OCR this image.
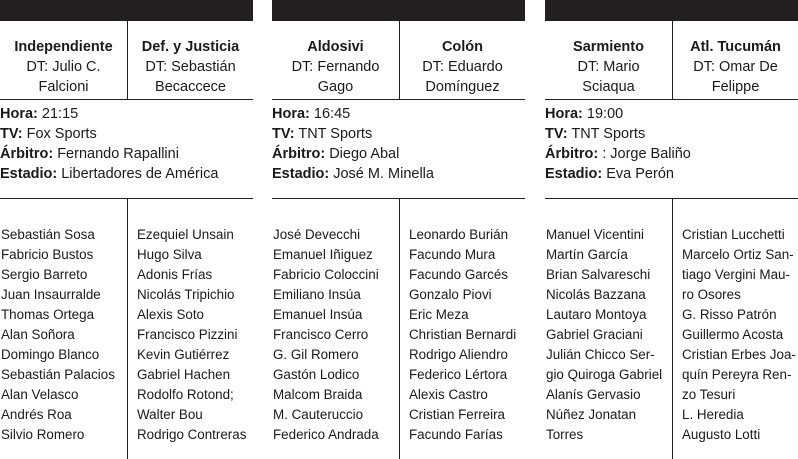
Independiente
DT: Julio C.
Falcioni
Def. y Justicia
DT: Sebastián
Becaccece
Hora: 21:15
TV: Fox Sports
Árbitro: Fernando Rapallini
Estadio: Libertadores de América
Sebastián Sosa
Fabricio Bustos
Sergio Barreto
Juan Insaurralde
Thomas Ortega
Alan Soñora
Domingo Blanco
Sebastián Palacios
Alan Velasco
Andrés Roa
Silvio Romero
Ezequiel Unsain
Hugo Silva
Adonis Frías
Nicolás Tripichio
Alexis Soto
Francisco Pizzini
Kevin Gutiérrez
Gabriel Hachen
Rodolfo Rotond;
Walter Bou
Rodrigo Contreras
Aldosivi
DT: Fernando
Gago
Colón
DT: Eduardo
Domínguez
Hora: 16:45
TV: TNT Sports
Árbitro: Diego Abal
Estadio: José M. Minella
José Devecchi
Emanuel Iñiguez
Fabricio Coloccini
Emiliano Insúa
Emanuel Insúa
Francisco Cerro
G. Gil Romero
Gastón Lodico
Malcom Braida
M. Cauteruccio
Federico Andrada
Leonardo Burián
Facundo Mura
Facundo Garcés
Gonzalo Piovi
Eric Meza
Christian Bernardi
Rodrigo Aliendro
Federico Lértora
Alexis Castro
Cristian Ferreira
Facundo Farías
Sarmiento
DT: Mario
Sciaqua
Atl. Tucumán
DT: Omar De
Felippe
Hora: 19:00
TV: TNT Sports
Árbitro: : Jorge Baliño
Estadio: Eva Perón
Manuel Vicentini
Martín García
Brian Salvareschi
Nicolás Bazzana
Lautaro Montoya
Gabriel Graciani
Julián Chicco Ser-
gio Quiroga Gabriel
Alanís Gervasio
Núñez Jonatan
Torres
Cristian Lucchetti
Marcelo Ortiz San-
tiago Vergini Mau-
ro Osores
G. Risso Patrón
Guillermo Acosta
Cristian Erbes Joa-
quín Pereyra Ren-
zo Tesuri
L. Heredia
Augusto Lotti
